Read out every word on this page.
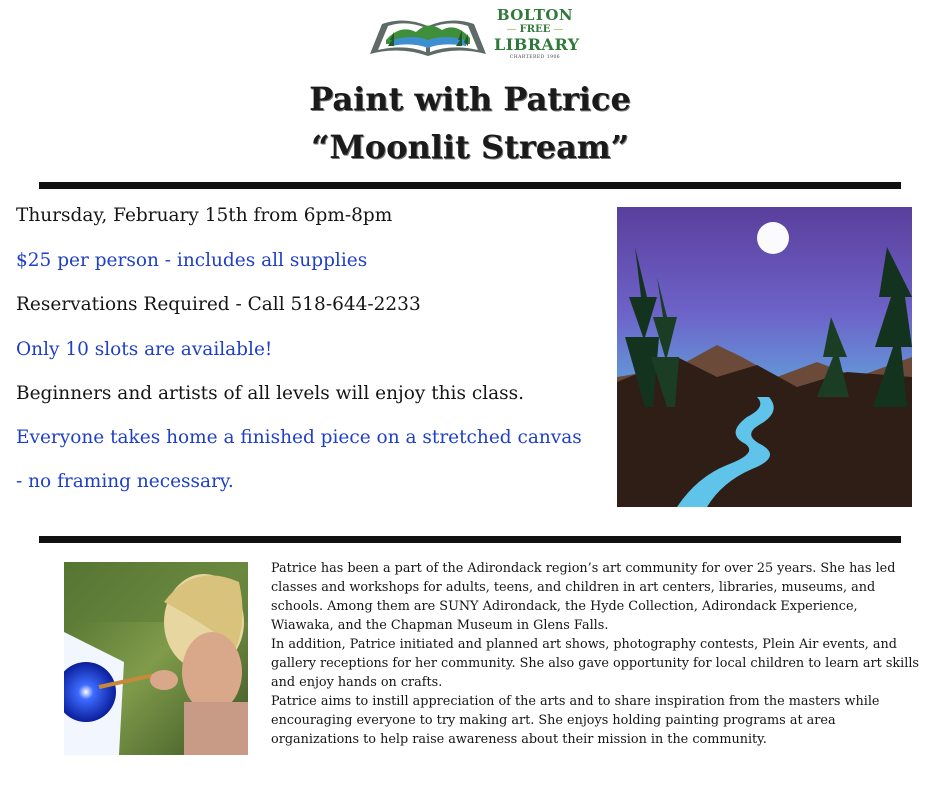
BOLTON
— FREE —
LIBRARY
CHARTERED 1906
Paint with Patrice
“Moonlit Stream”
Thursday, February 15th from 6pm-8pm
$25 per person - includes all supplies
Reservations Required - Call 518-644-2233
Only 10 slots are available!
Beginners and artists of all levels will enjoy this class.
Everyone takes home a finished piece on a stretched canvas
- no framing necessary.

Patrice has been a part of the Adirondack region’s art community for over 25 years. She has led classes and workshops for adults, teens, and children in art centers, libraries, museums, and schools. Among them are SUNY Adirondack, the Hyde Collection, Adirondack Experience, Wiawaka, and the Chapman Museum in Glens Falls.

In addition, Patrice initiated and planned art shows, photography contests, Plein Air events, and gallery receptions for her community. She also gave opportunity for local children to learn art skills and enjoy hands on crafts.

Patrice aims to instill appreciation of the arts and to share inspiration from the masters while encouraging everyone to try making art. She enjoys holding painting programs at area organizations to help raise awareness about their mission in the community.
